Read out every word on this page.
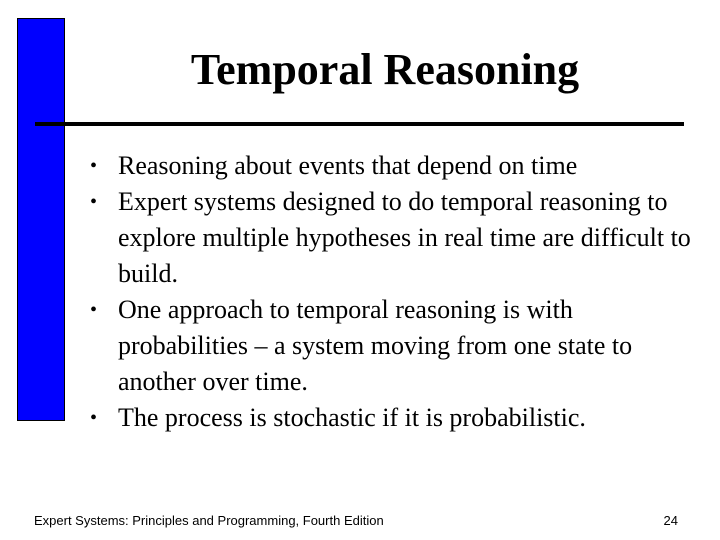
Temporal Reasoning
• Reasoning about events that depend on time
• Expert systems designed to do temporal reasoning to explore multiple hypotheses in real time are difficult to build.
• One approach to temporal reasoning is with probabilities – a system moving from one state to another over time.
• The process is stochastic if it is probabilistic.
Expert Systems: Principles and Programming, Fourth Edition	24
